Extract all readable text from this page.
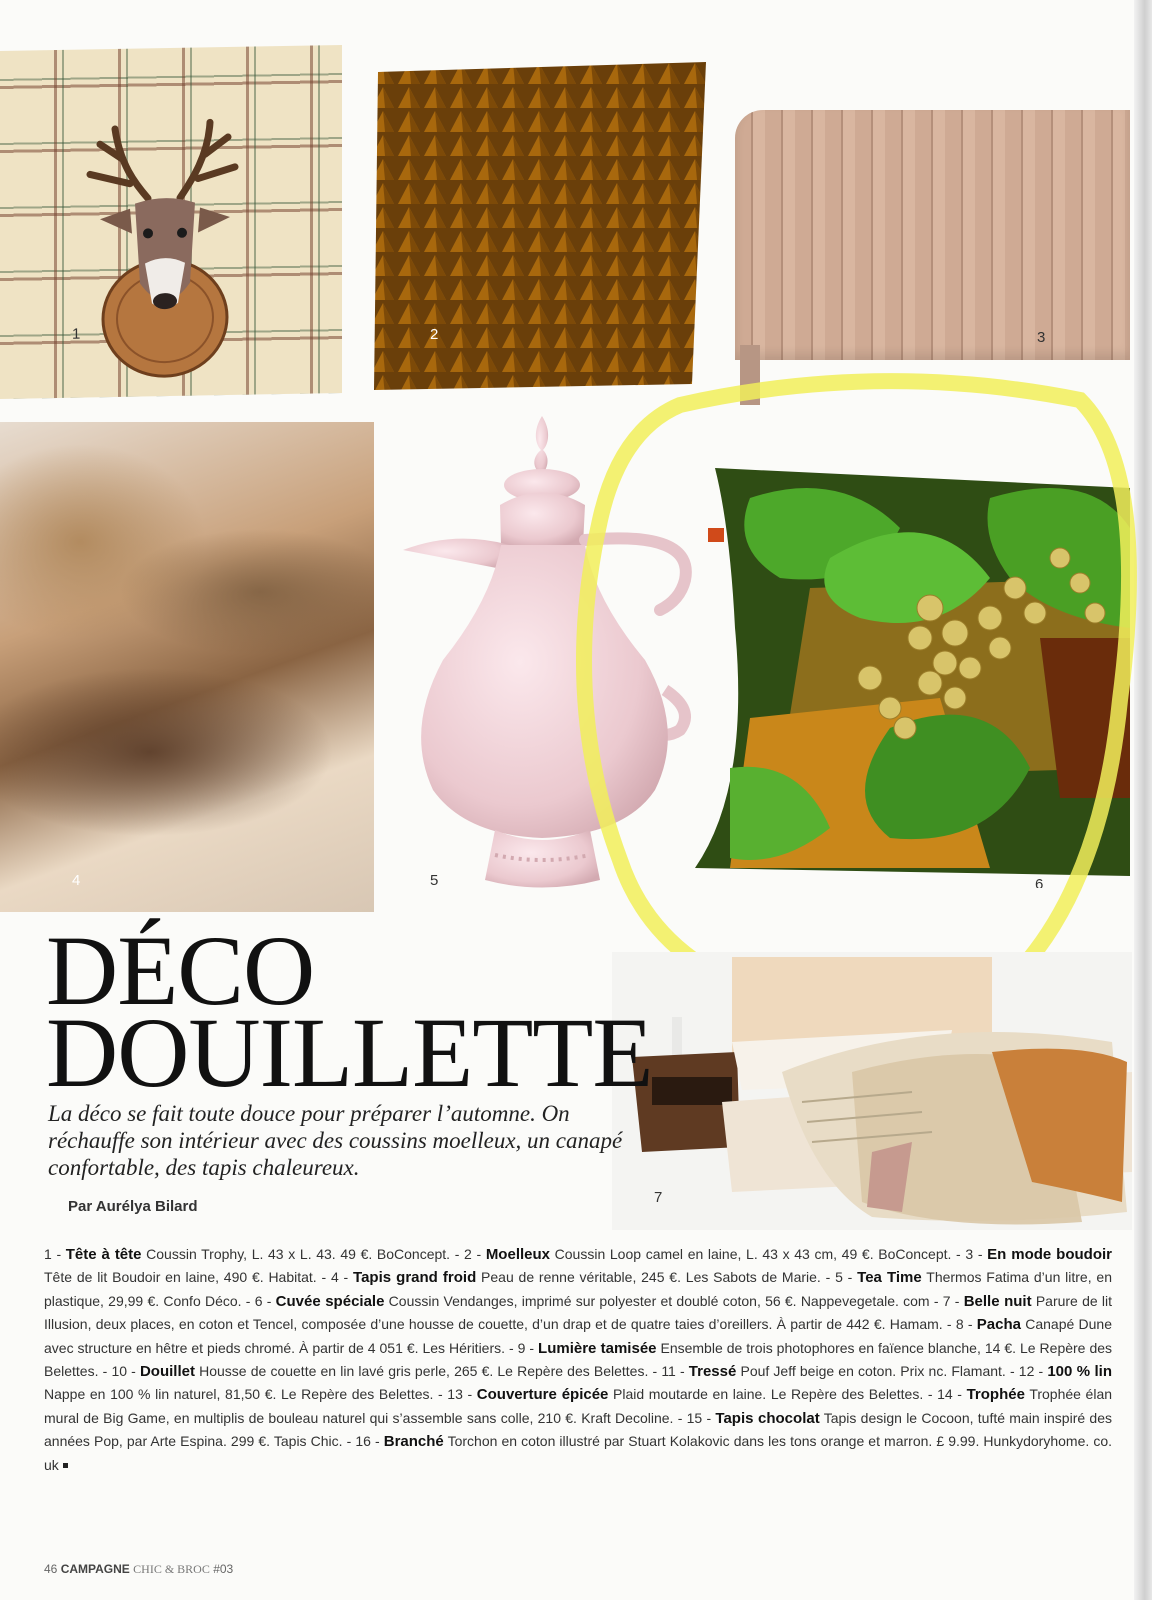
1	2	3
4	5	6
7
DÉCO
DOUILLETTE

La déco se fait toute douce pour préparer l’automne. On réchauffe son intérieur avec des coussins moelleux, un canapé confortable, des tapis chaleureux.

Par Aurélya Bilard

1 - Tête à tête Coussin Trophy, L. 43 x L. 43. 49 €. BoConcept. - 2 - Moelleux Coussin Loop camel en laine, L. 43 x 43 cm, 49 €. BoConcept. - 3 - En mode boudoir Tête de lit Boudoir en laine, 490 €. Habitat. - 4 - Tapis grand froid Peau de renne véritable, 245 €. Les Sabots de Marie. - 5 - Tea Time Thermos Fatima d’un litre, en plastique, 29,99 €. Confo Déco. - 6 - Cuvée spéciale Coussin Vendanges, imprimé sur polyester et doublé coton, 56 €. Nappevegetale. com - 7 - Belle nuit Parure de lit Illusion, deux places, en coton et Tencel, composée d’une housse de couette, d’un drap et de quatre taies d’oreillers. À partir de 442 €. Hamam. - 8 - Pacha Canapé Dune avec structure en hêtre et pieds chromé. À partir de 4 051 €. Les Héritiers. - 9 - Lumière tamisée Ensemble de trois photophores en faïence blanche, 14 €. Le Repère des Belettes. - 10 - Douillet Housse de couette en lin lavé gris perle, 265 €. Le Repère des Belettes. - 11 - Tressé Pouf Jeff beige en coton. Prix nc. Flamant. - 12 - 100 % lin Nappe en 100 % lin naturel, 81,50 €. Le Repère des Belettes. - 13 - Couverture épicée Plaid moutarde en laine. Le Repère des Belettes. - 14 - Trophée Trophée élan mural de Big Game, en multiplis de bouleau naturel qui s’assemble sans colle, 210 €. Kraft Decoline. - 15 - Tapis chocolat Tapis design le Cocoon, tufté main inspiré des années Pop, par Arte Espina. 299 €. Tapis Chic. - 16 - Branché Torchon en coton illustré par Stuart Kolakovic dans les tons orange et marron. £ 9.99. Hunkydoryhome. co. uk

46 CAMPAGNE CHIC & BROC #03
